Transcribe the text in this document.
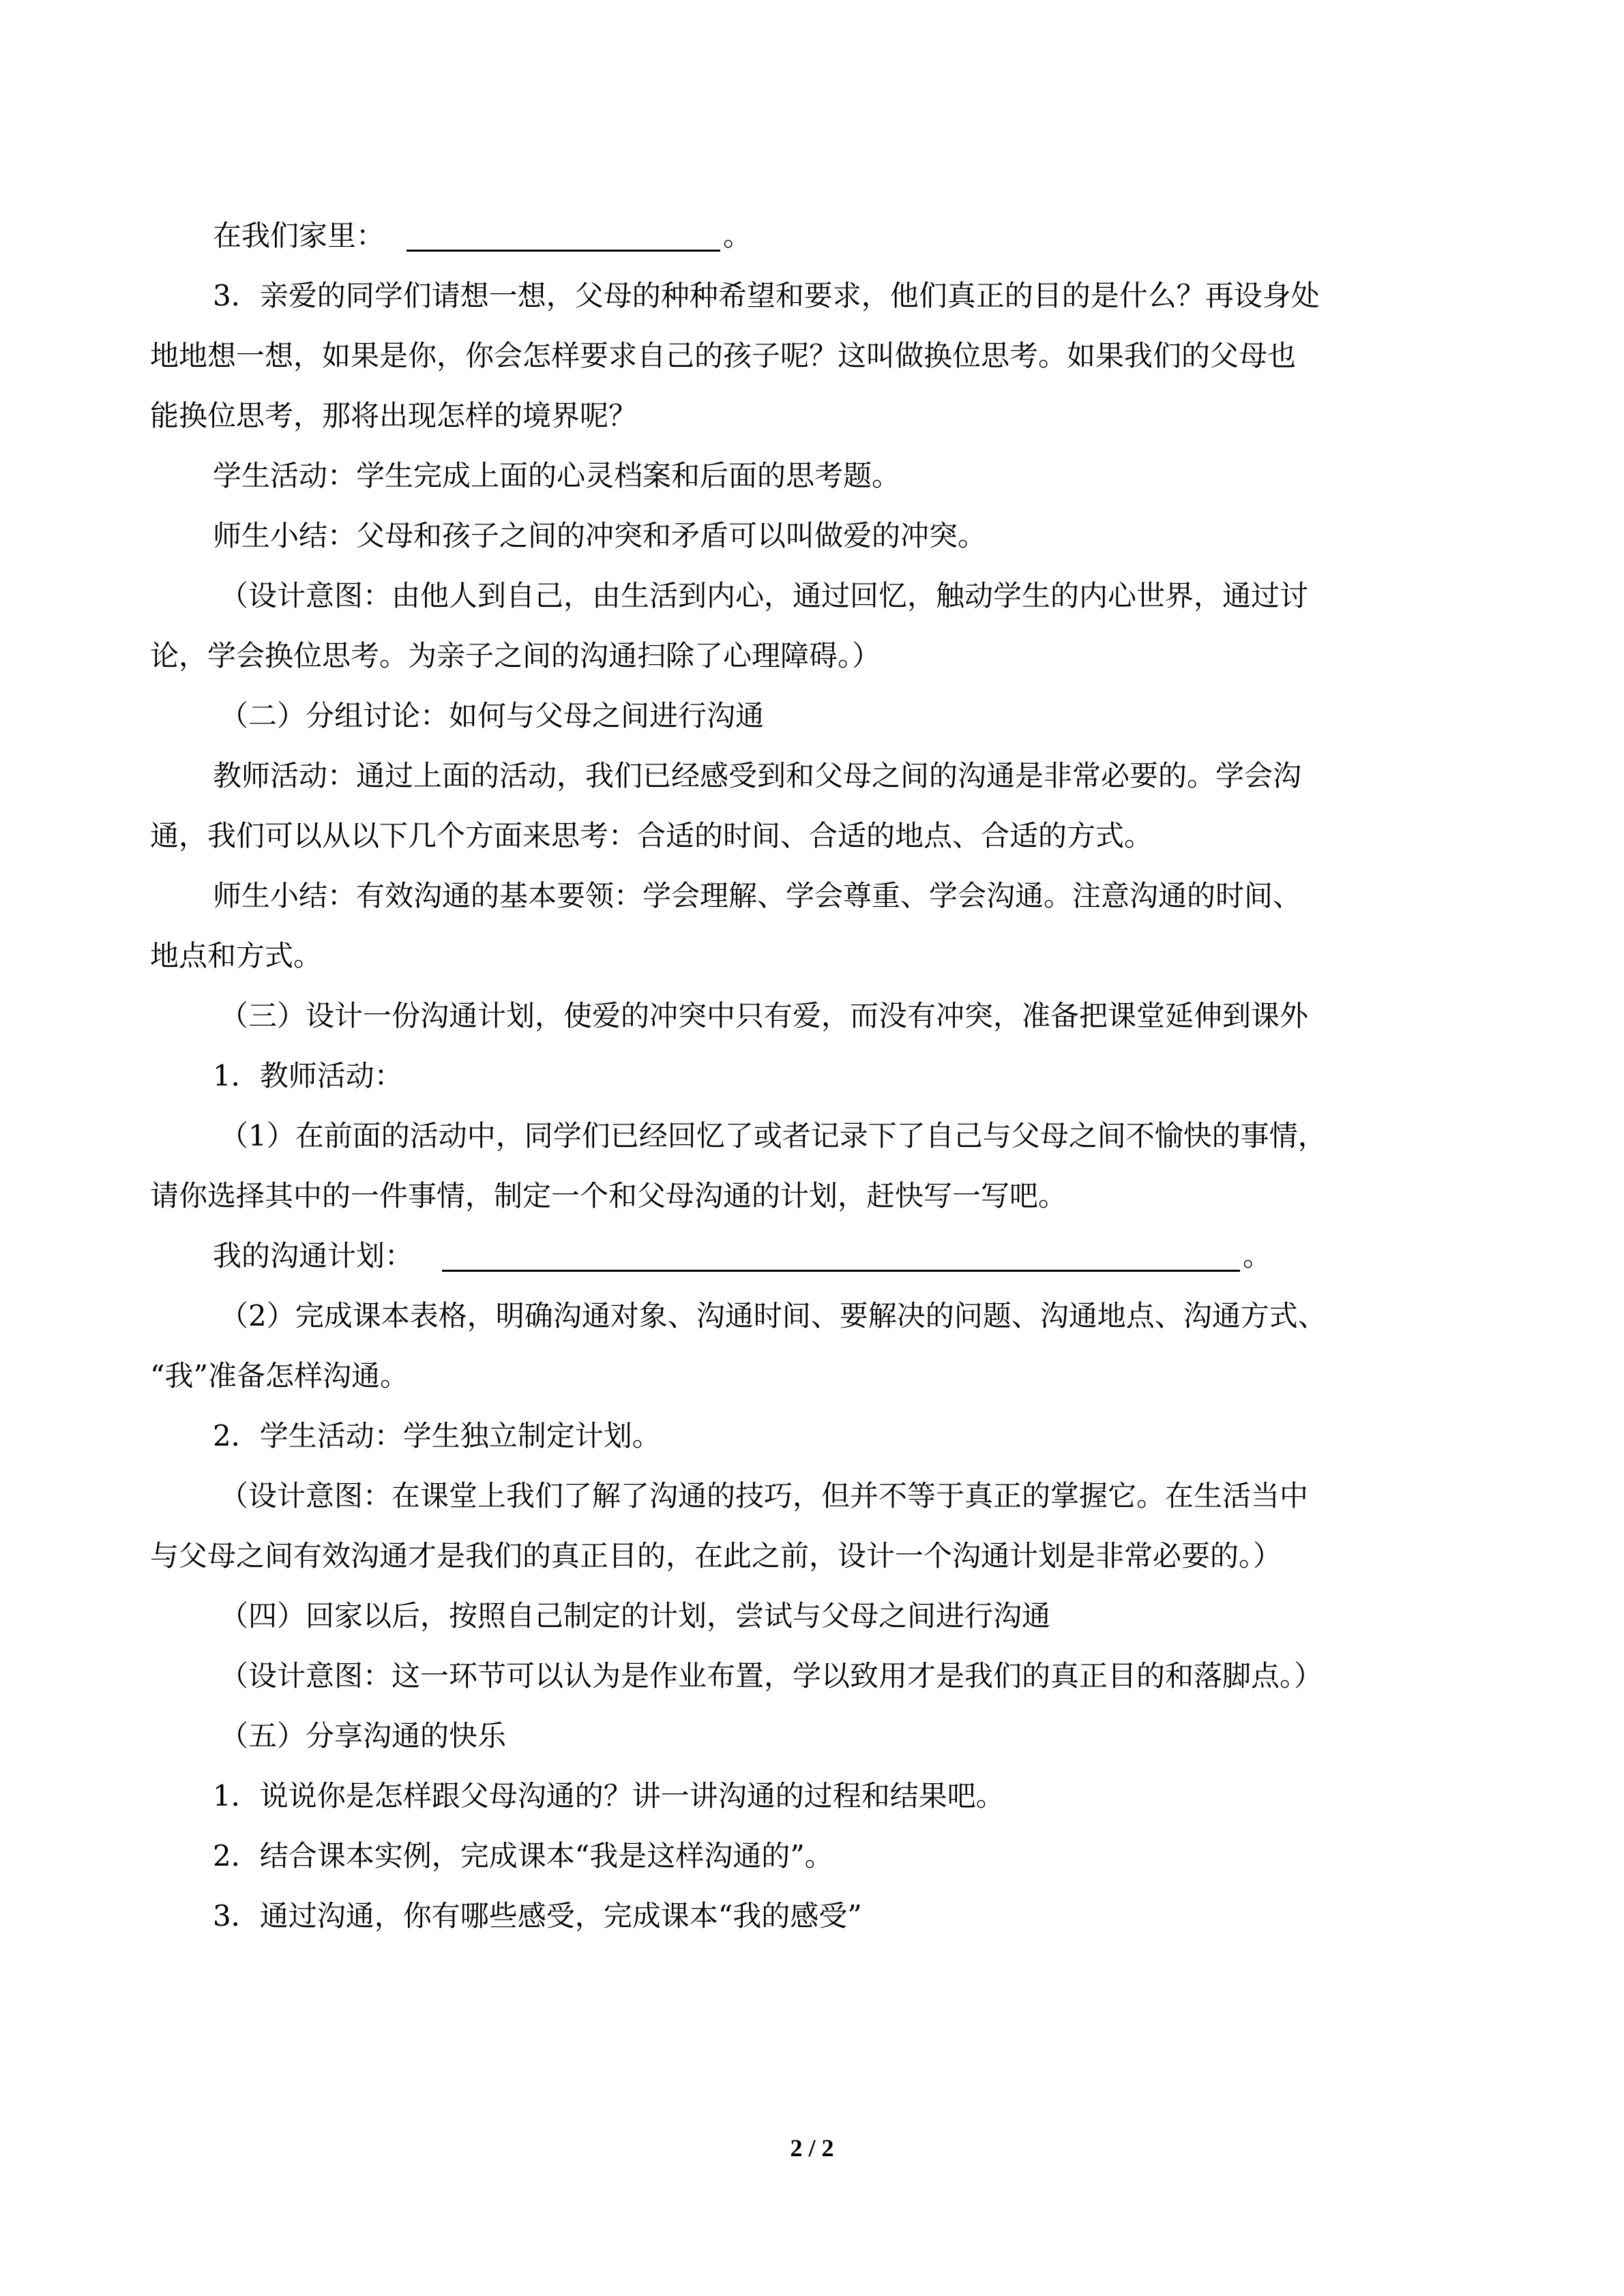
在我们家里：	。
3．亲爱的同学们请想一想，父母的种种希望和要求，他们真正的目的是什么？再设身处
地地想一想，如果是你，你会怎样要求自己的孩子呢？这叫做换位思考。如果我们的父母也
能换位思考，那将出现怎样的境界呢？
学生活动：学生完成上面的心灵档案和后面的思考题。
师生小结：父母和孩子之间的冲突和矛盾可以叫做爱的冲突。
（设计意图：由他人到自己，由生活到内心，通过回忆，触动学生的内心世界，通过讨
论，学会换位思考。为亲子之间的沟通扫除了心理障碍。）
（二）分组讨论：如何与父母之间进行沟通
教师活动：通过上面的活动，我们已经感受到和父母之间的沟通是非常必要的。学会沟
通，我们可以从以下几个方面来思考：合适的时间、合适的地点、合适的方式。
师生小结：有效沟通的基本要领：学会理解、学会尊重、学会沟通。注意沟通的时间、
地点和方式。
（三）设计一份沟通计划，使爱的冲突中只有爱，而没有冲突，准备把课堂延伸到课外
1．教师活动：
（1）在前面的活动中，同学们已经回忆了或者记录下了自己与父母之间不愉快的事情，
请你选择其中的一件事情，制定一个和父母沟通的计划，赶快写一写吧。
我的沟通计划：	。
（2）完成课本表格，明确沟通对象、沟通时间、要解决的问题、沟通地点、沟通方式、
“我”准备怎样沟通。
2．学生活动：学生独立制定计划。
（设计意图：在课堂上我们了解了沟通的技巧，但并不等于真正的掌握它。在生活当中
与父母之间有效沟通才是我们的真正目的，在此之前，设计一个沟通计划是非常必要的。）
（四）回家以后，按照自己制定的计划，尝试与父母之间进行沟通
（设计意图：这一环节可以认为是作业布置，学以致用才是我们的真正目的和落脚点。）
（五）分享沟通的快乐
1．说说你是怎样跟父母沟通的？讲一讲沟通的过程和结果吧。
2．结合课本实例，完成课本“我是这样沟通的”。
3．通过沟通，你有哪些感受，完成课本“我的感受”
2 / 2
